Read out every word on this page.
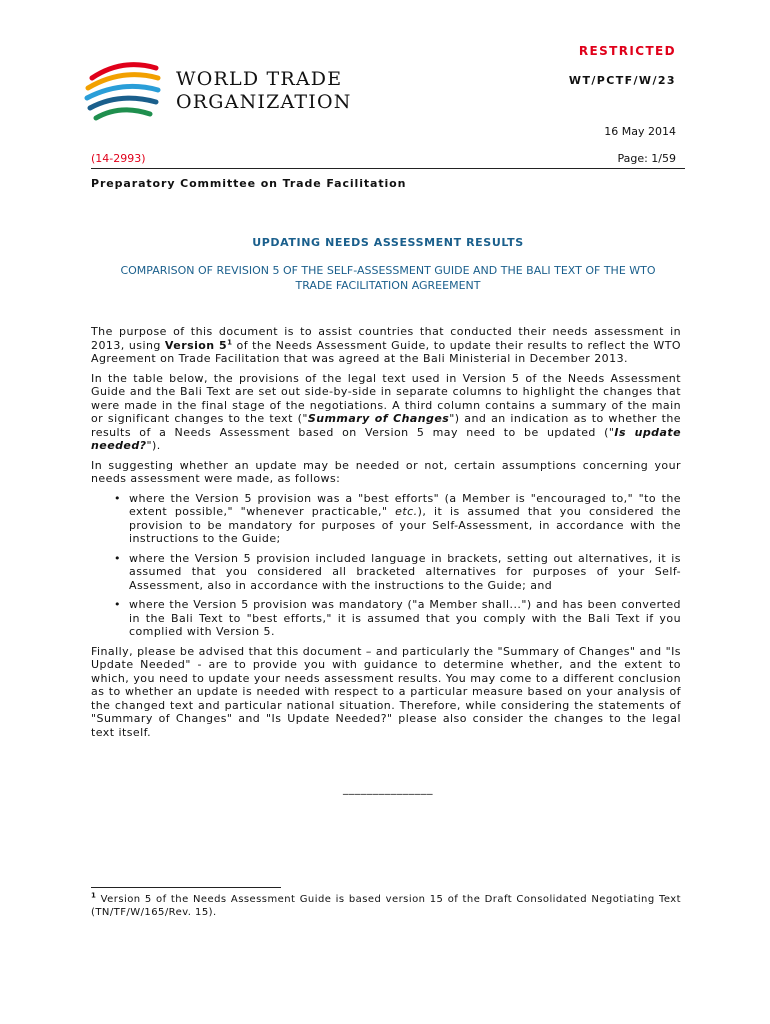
WORLD TRADE
ORGANIZATION
RESTRICTED
WT/PCTF/W/23
16 May 2014
(14-2993)	Page: 1/59
Preparatory Committee on Trade Facilitation
UPDATING NEEDS ASSESSMENT RESULTS
COMPARISON OF REVISION 5 OF THE SELF-ASSESSMENT GUIDE AND THE BALI TEXT OF THE WTO TRADE FACILITATION AGREEMENT

The purpose of this document is to assist countries that conducted their needs assessment in 2013, using Version $5^1$ of the Needs Assessment Guide, to update their results to reflect the WTO Agreement on Trade Facilitation that was agreed at the Bali Ministerial in December 2013.

In the table below, the provisions of the legal text used in Version 5 of the Needs Assessment Guide and the Bali Text are set out side-by-side in separate columns to highlight the changes that were made in the final stage of the negotiations. A third column contains a summary of the main or significant changes to the text ("Summary of Changes") and an indication as to whether the results of a Needs Assessment based on Version 5 may need to be updated ("Is update needed?").

In suggesting whether an update may be needed or not, certain assumptions concerning your needs assessment were made, as follows:

• where the Version 5 provision was a "best efforts" (a Member is "encouraged to," "to the extent possible," "whenever practicable," etc.), it is assumed that you considered the provision to be mandatory for purposes of your Self-Assessment, in accordance with the instructions to the Guide;
• where the Version 5 provision included language in brackets, setting out alternatives, it is assumed that you considered all bracketed alternatives for purposes of your Self-Assessment, also in accordance with the instructions to the Guide; and
• where the Version 5 provision was mandatory ("a Member shall...") and has been converted in the Bali Text to "best efforts," it is assumed that you comply with the Bali Text if you complied with Version 5.

Finally, please be advised that this document – and particularly the "Summary of Changes" and "Is Update Needed" - are to provide you with guidance to determine whether, and the extent to which, you need to update your needs assessment results. You may come to a different conclusion as to whether an update is needed with respect to a particular measure based on your analysis of the changed text and particular national situation. Therefore, while considering the statements of "Summary of Changes" and "Is Update Needed?" please also consider the changes to the legal text itself.

_______________
$^1$ Version 5 of the Needs Assessment Guide is based version 15 of the Draft Consolidated Negotiating Text (TN/TF/W/165/Rev. 15).
